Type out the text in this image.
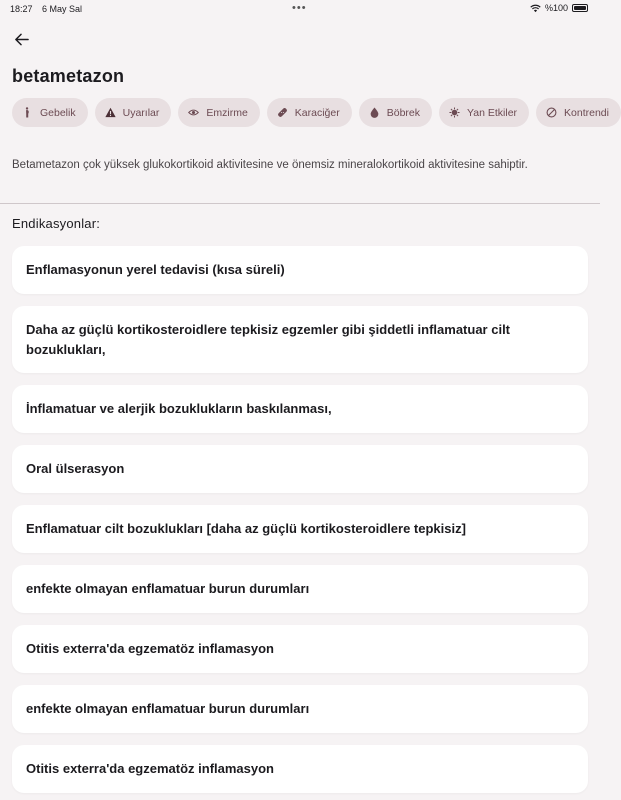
18:27 6 May Sal	•••	%100
betametazon
Gebelik	Uyarılar	Emzirme	Karaciğer	Böbrek	Yan Etkiler	Kontrendi

Betametazon çok yüksek glukokortikoid aktivitesine ve önemsiz mineralokortikoid aktivitesine sahiptir.

Endikasyonlar:
Enflamasyonun yerel tedavisi (kısa süreli)
Daha az güçlü kortikosteroidlere tepkisiz egzemler gibi şiddetli inflamatuar cilt bozuklukları,
İnflamatuar ve alerjik bozuklukların baskılanması,
Oral ülserasyon
Enflamatuar cilt bozuklukları [daha az güçlü kortikosteroidlere tepkisiz]
enfekte olmayan enflamatuar burun durumları
Otitis exterra'da egzematöz inflamasyon
enfekte olmayan enflamatuar burun durumları
Otitis exterra'da egzematöz inflamasyon
